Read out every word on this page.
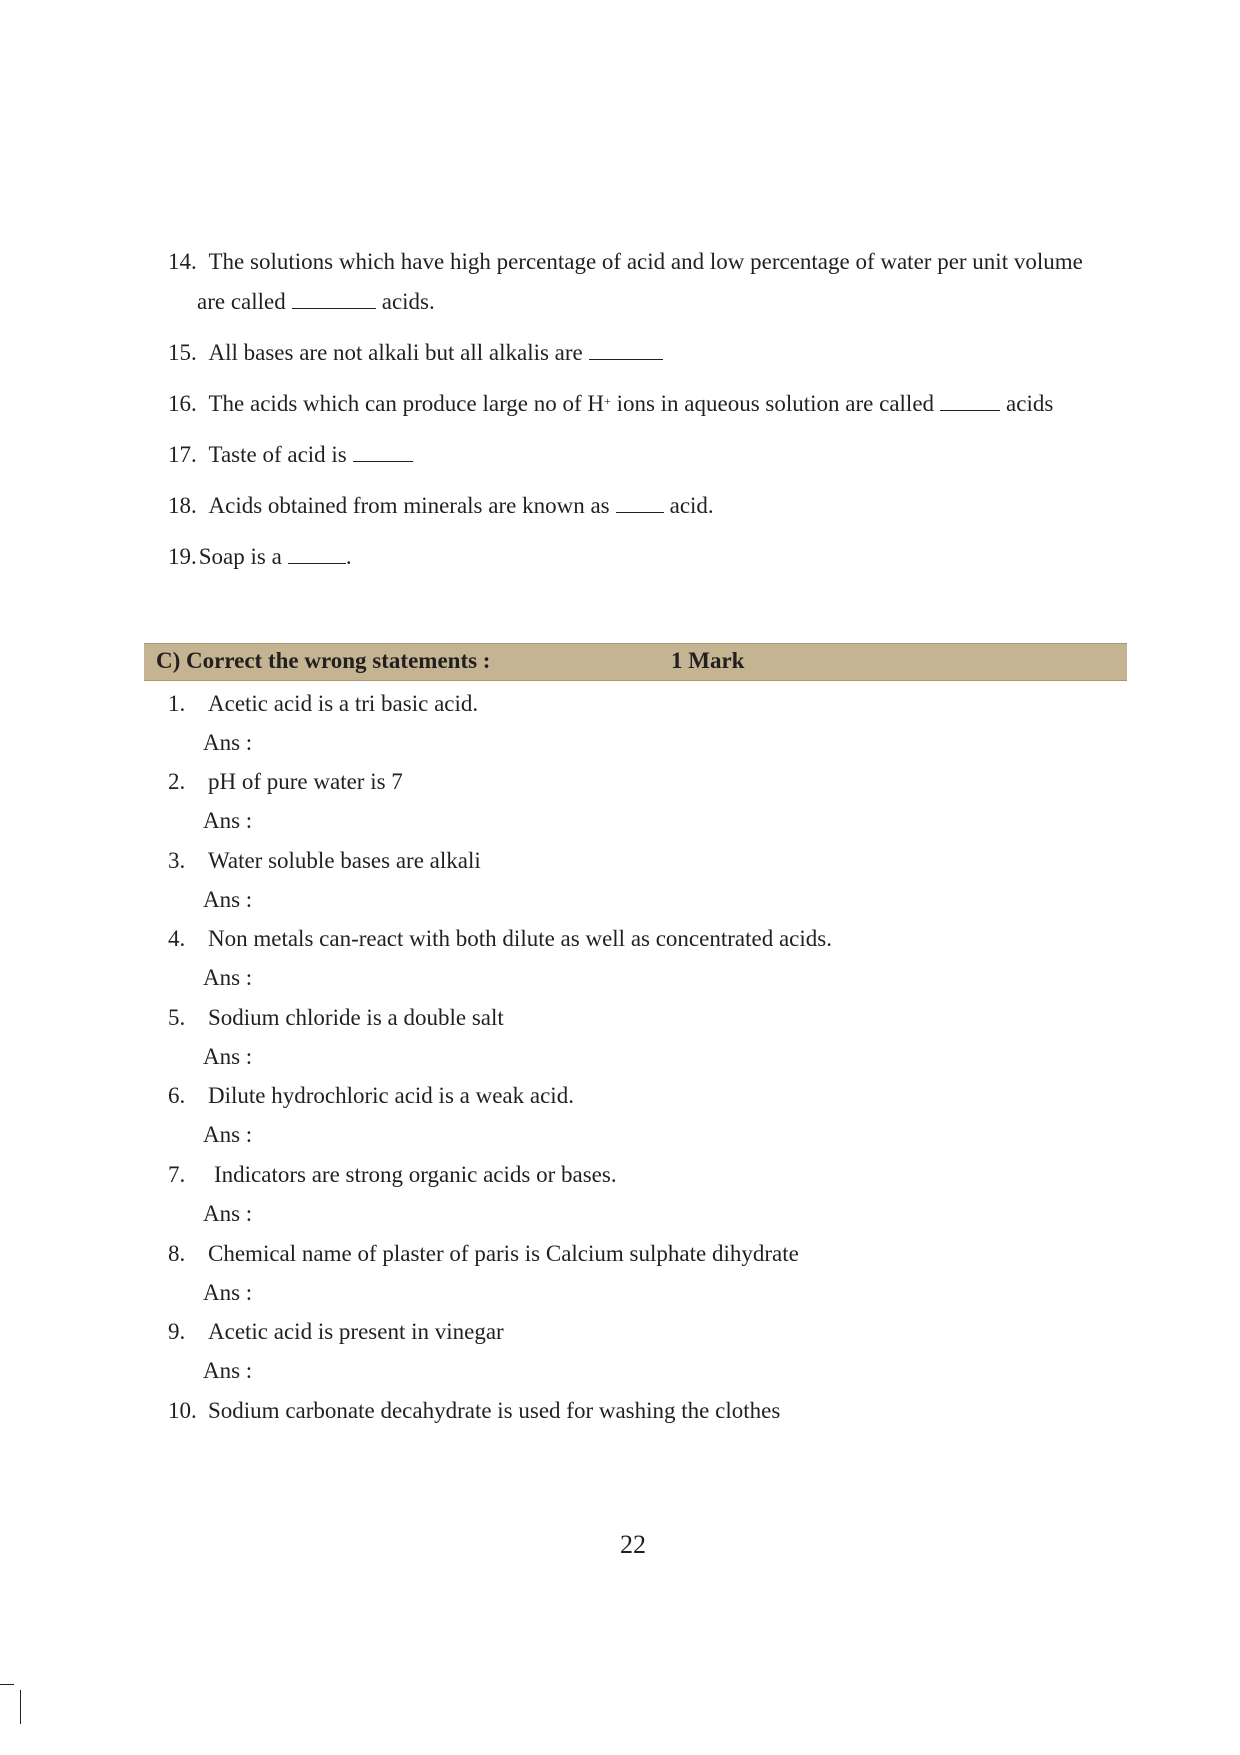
14. The solutions which have high percentage of acid and low percentage of water per unit volume
are called	acids.
15. All bases are not alkali but all alkalis are
16. The acids which can produce large no of H+ ions in aqueous solution are called	acids
17. Taste of acid is
18. Acids obtained from minerals are known as	acid.
19.Soap is a	.
C) Correct the wrong statements :	1 Mark
1. Acetic acid is a tri basic acid.
Ans :
2. pH of pure water is 7
Ans :
3. Water soluble bases are alkali
Ans :
4. Non metals can-react with both dilute as well as concentrated acids.
Ans :
5. Sodium chloride is a double salt
Ans :
6. Dilute hydrochloric acid is a weak acid.
Ans :
7. Indicators are strong organic acids or bases.
Ans :
8. Chemical name of plaster of paris is Calcium sulphate dihydrate
Ans :
9. Acetic acid is present in vinegar
Ans :
10. Sodium carbonate decahydrate is used for washing the clothes
22
